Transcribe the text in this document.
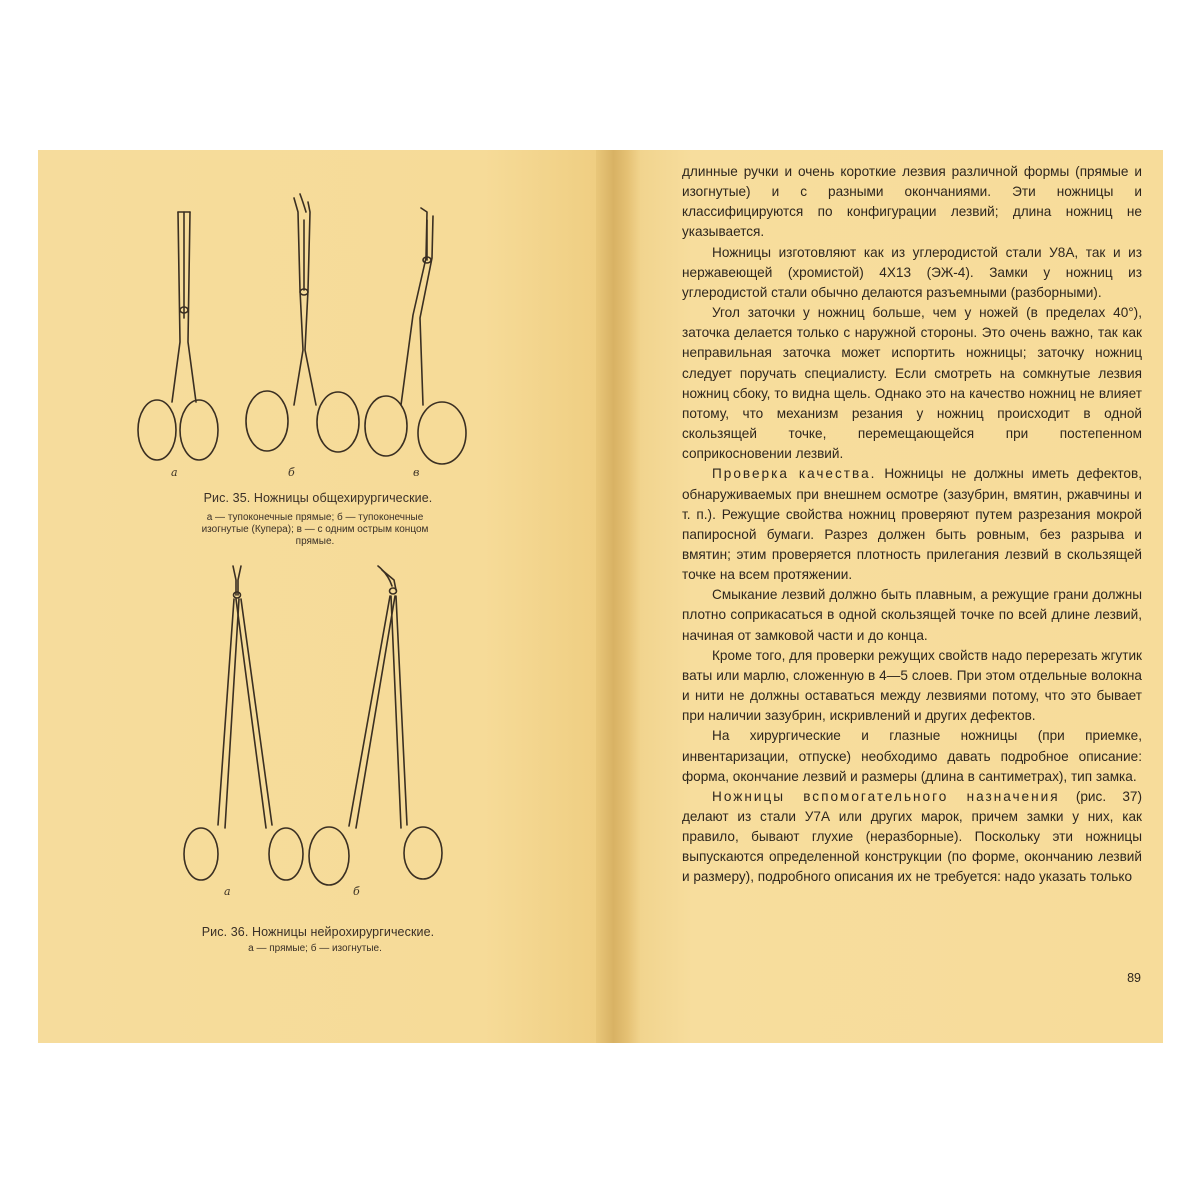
а	б	в
Рис. 35. Ножницы общехирургические.
а — тупоконечные прямые; б — тупоконечные
изогнутые (Купера); в — с одним острым концом
прямые.
а	б
Рис. 36. Ножницы нейрохирургические.
а — прямые; б — изогнутые.

длинные ручки и очень короткие лезвия различной формы (прямые и изогнутые) и с разными окончаниями. Эти ножницы и классифицируются по конфигурации лезвий; длина ножниц не указывается.

Ножницы изготовляют как из углеродистой стали У8А, так и из нержавеющей (хромистой) 4Х13 (ЭЖ-4). Замки у ножниц из углеродистой стали обычно делаются разъемными (разборными).

Угол заточки у ножниц больше, чем у ножей (в пределах 40°), заточка делается только с наружной стороны. Это очень важно, так как неправильная заточка может испортить ножницы; заточку ножниц следует поручать специалисту. Если смотреть на сомкнутые лезвия ножниц сбоку, то видна щель. Однако это на качество ножниц не влияет потому, что механизм резания у ножниц происходит в одной скользящей точке, перемещающейся при постепенном соприкосновении лезвий.

Проверка качества. Ножницы не должны иметь дефектов, обнаруживаемых при внешнем осмотре (зазубрин, вмятин, ржавчины и т. п.). Режущие свойства ножниц проверяют путем разрезания мокрой папиросной бумаги. Разрез должен быть ровным, без разрыва и вмятин; этим проверяется плотность прилегания лезвий в скользящей точке на всем протяжении.

Смыкание лезвий должно быть плавным, а режущие грани должны плотно соприкасаться в одной скользящей точке по всей длине лезвий, начиная от замковой части и до конца.

Кроме того, для проверки режущих свойств надо перерезать жгутик ваты или марлю, сложенную в 4—5 слоев. При этом отдельные волокна и нити не должны оставаться между лезвиями потому, что это бывает при наличии зазубрин, искривлений и других дефектов.

На хирургические и глазные ножницы (при приемке, инвентаризации, отпуске) необходимо давать подробное описание: форма, окончание лезвий и размеры (длина в сантиметрах), тип замка.

Ножницы вспомогательного назначения (рис. 37) делают из стали У7А или других марок, причем замки у них, как правило, бывают глухие (неразборные). Поскольку эти ножницы выпускаются определенной конструкции (по форме, окончанию лезвий и размеру), подробного описания их не требуется: надо указать только

89
